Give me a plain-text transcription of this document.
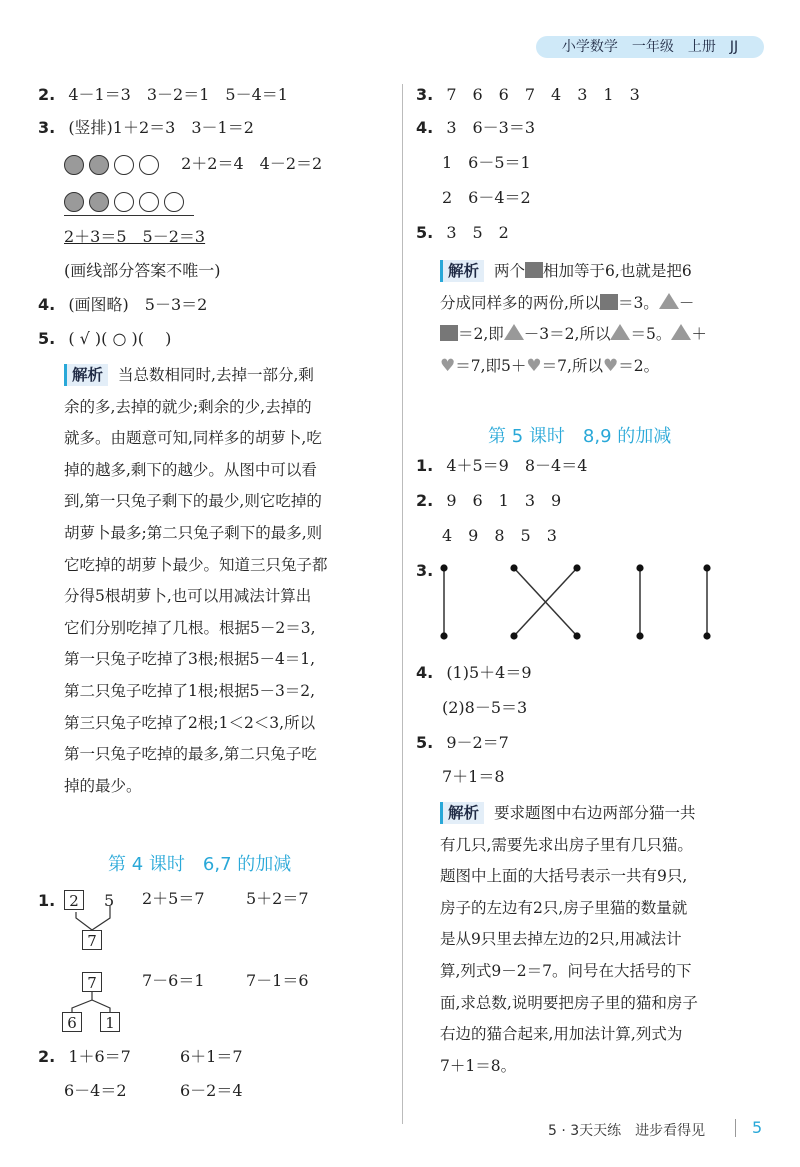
小学数学　一年级　上册　JJ
2. 4－1＝3　3－2＝1　5－4＝1
3. (竖排)1＋2＝3　3－1＝2
2＋2＝4　4－2＝2
2＋3＝5　5－2＝3
(画线部分答案不唯一)
4. (画图略)　5－3＝2
5. ( √ )( ○ )(　 )
解析 当总数相同时,去掉一部分,剩
余的多,去掉的就少;剩余的少,去掉的
就多。由题意可知,同样多的胡萝卜,吃
掉的越多,剩下的越少。从图中可以看
到,第一只兔子剩下的最少,则它吃掉的
胡萝卜最多;第二只兔子剩下的最多,则
它吃掉的胡萝卜最少。知道三只兔子都
分得5根胡萝卜,也可以用减法计算出
它们分别吃掉了几根。根据5－2＝3,
第一只兔子吃掉了3根;根据5－4＝1,
第二只兔子吃掉了1根;根据5－3＝2,
第三只兔子吃掉了2根;1＜2＜3,所以
第一只兔子吃掉的最多,第二只兔子吃
掉的最少。
第 4 课时　6,7 的加减
1. 2	5
7
2＋5＝7	5＋2＝7
7
6	1
7－6＝1	7－1＝6
2. 1＋6＝7	6＋1＝7
6－4＝2	6－2＝4
3. 7　6　6　7　4　3　1　3
4. 3　6－3＝3
1　6－5＝1
2　6－4＝2
5. 3　5　2
解析 两个 相加等于6,也就是把6
分成同样多的两份,所以 ＝3。 －
＝2,即 －3＝2,所以 ＝5。 ＋
♥＝7,即5＋♥＝7,所以♥＝2。
第 5 课时　8,9 的加减
1. 4＋5＝9　8－4＝4
2. 9　6　1　3　9
4　9　8　5　3
3.
4. (1)5＋4＝9
(2)8－5＝3
5. 9－2＝7
7＋1＝8
解析 要求题图中右边两部分猫一共
有几只,需要先求出房子里有几只猫。
题图中上面的大括号表示一共有9只,
房子的左边有2只,房子里猫的数量就
是从9只里去掉左边的2只,用减法计
算,列式9－2＝7。问号在大括号的下
面,求总数,说明要把房子里的猫和房子
右边的猫合起来,用加法计算,列式为
7＋1＝8。
5 · 3天天练　进步看得见	5
